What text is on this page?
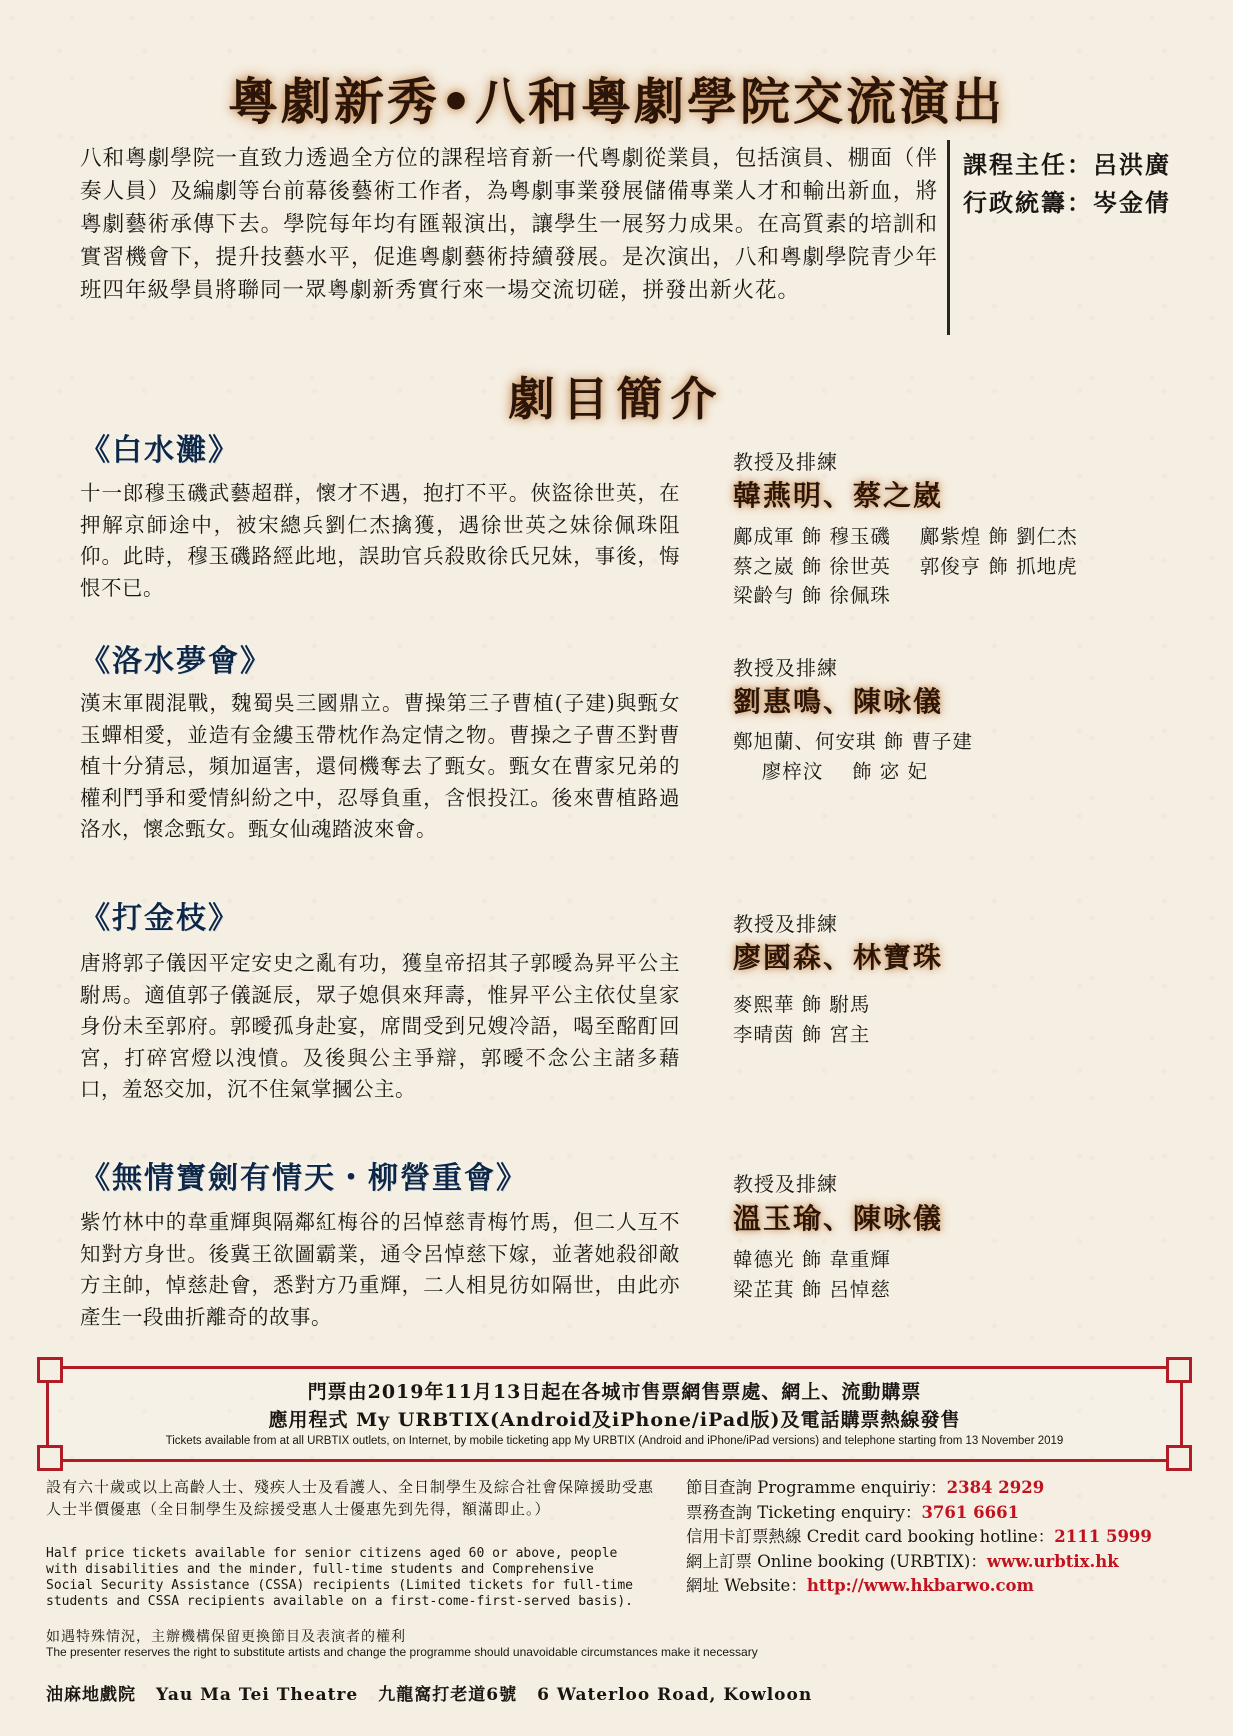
粵劇新秀•八和粵劇學院交流演出
八和粵劇學院一直致力透過全方位的課程培育新一代粵劇從業員，包括演員、棚面（伴奏人員）及編劇等台前幕後藝術工作者，為粵劇事業發展儲備專業人才和輸出新血，將粵劇藝術承傳下去。學院每年均有匯報演出，讓學生一展努力成果。在高質素的培訓和實習機會下，提升技藝水平，促進粵劇藝術持續發展。是次演出，八和粵劇學院青少年班四年級學員將聯同一眾粵劇新秀實行來一場交流切磋，拼發出新火花。
課程主任：呂洪廣
行政統籌：岑金倩
劇目簡介
《白水灘》
十一郎穆玉磯武藝超群，懷才不遇，抱打不平。俠盜徐世英，在押解京師途中，被宋總兵劉仁杰擒獲，遇徐世英之妹徐佩珠阻仰。此時，穆玉磯路經此地，誤助官兵殺敗徐氏兄妹，事後，悔恨不已。
教授及排練
韓燕明、蔡之崴
鄺成軍 飾 穆玉磯    鄺紫煌 飾 劉仁杰
蔡之崴 飾 徐世英    郭俊亨 飾 抓地虎
梁齡勻 飾 徐佩珠
《洛水夢會》
漢末軍閥混戰，魏蜀吳三國鼎立。曹操第三子曹植(子建)與甄女玉蟬相愛，並造有金縷玉帶枕作為定情之物。曹操之子曹丕對曹植十分猜忌，頻加逼害，還伺機奪去了甄女。甄女在曹家兄弟的權利鬥爭和愛情糾紛之中，忍辱負重，含恨投江。後來曹植路過洛水，懷念甄女。甄女仙魂踏波來會。
教授及排練
劉惠鳴、陳咏儀
鄭旭蘭、何安琪 飾 曹子建
廖梓汶    飾 宓 妃
《打金枝》
唐將郭子儀因平定安史之亂有功，獲皇帝招其子郭曖為昇平公主駙馬。適值郭子儀誕辰，眾子媳俱來拜壽，惟昇平公主依仗皇家身份未至郭府。郭曖孤身赴宴，席間受到兄嫂冷語，喝至酩酊回宮，打碎宮燈以洩憤。及後與公主爭辯，郭曖不念公主諸多藉口，羞怒交加，沉不住氣掌摑公主。
教授及排練
廖國森、林寶珠
麥熙華 飾 駙馬
李晴茵 飾 宮主
《無情寶劍有情天・柳營重會》
紫竹林中的韋重輝與隔鄰紅梅谷的呂悼慈青梅竹馬，但二人互不知對方身世。後冀王欲圖霸業，通令呂悼慈下嫁，並著她殺卻敵方主帥，悼慈赴會，悉對方乃重輝，二人相見彷如隔世，由此亦產生一段曲折離奇的故事。
教授及排練
溫玉瑜、陳咏儀
韓德光 飾 韋重輝
梁芷萁 飾 呂悼慈
門票由2019年11月13日起在各城市售票網售票處、網上、流動購票
應用程式 My URBTIX(Android及iPhone/iPad版)及電話購票熱線發售
Tickets available from at all URBTIX outlets, on Internet, by mobile ticketing app My URBTIX (Android and iPhone/iPad versions) and telephone starting from 13 November 2019
設有六十歲或以上高齡人士、殘疾人士及看護人、全日制學生及綜合社會保障援助受惠人士半價優惠（全日制學生及綜援受惠人士優惠先到先得，額滿即止。）
Half price tickets available for senior citizens aged 60 or above, people with disabilities and the minder, full-time students and Comprehensive Social Security Assistance (CSSA) recipients (Limited tickets for full-time students and CSSA recipients available on a first-come-first-served basis).
節目查詢 Programme enquiriy：2384 2929
票務查詢 Ticketing enquiry：3761 6661
信用卡訂票熱線 Credit card booking hotline：2111 5999
網上訂票 Online booking (URBTIX)：www.urbtix.hk
網址 Website：http://www.hkbarwo.com
如遇特殊情況，主辦機構保留更換節目及表演者的權利
The presenter reserves the right to substitute artists and change the programme should unavoidable circumstances make it necessary
油麻地戲院 Yau Ma Tei Theatre 九龍窩打老道6號 6 Waterloo Road, Kowloon
